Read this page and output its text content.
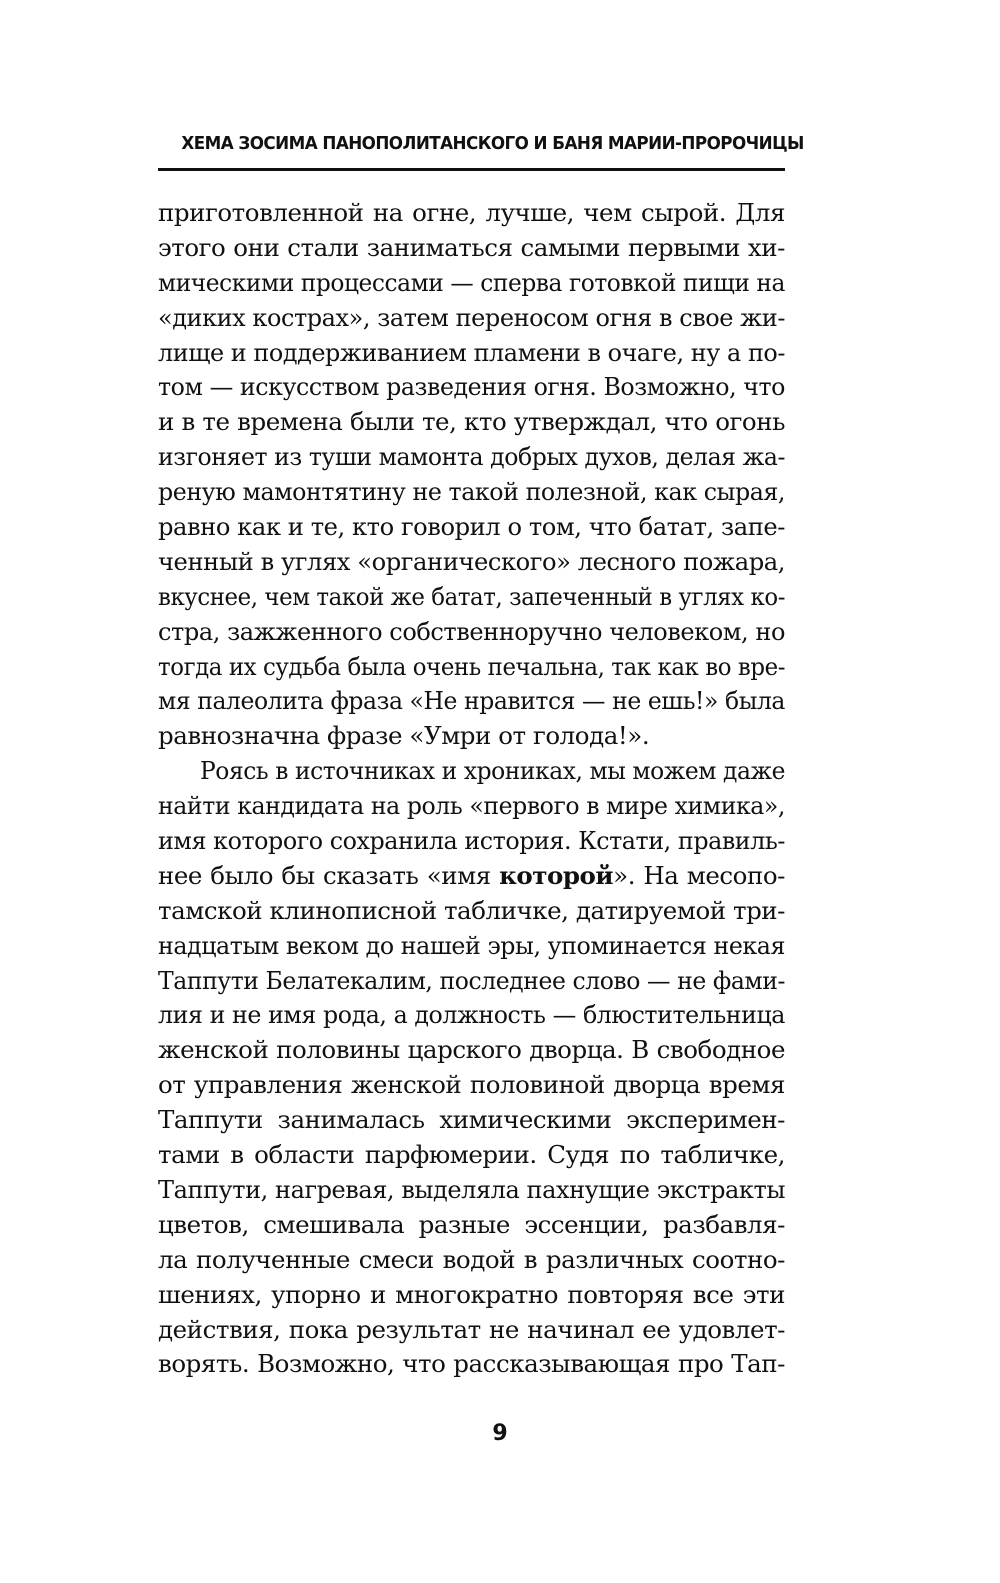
ХЕМА ЗОСИМА ПАНОПОЛИТАНСКОГО И БАНЯ МАРИИ-ПРОРОЧИЦЫ
приготовленной на огне, лучше, чем сырой. Для
этого они стали заниматься самыми первыми хи-
мическими процессами — сперва готовкой пищи на
«диких кострах», затем переносом огня в свое жи-
лище и поддерживанием пламени в очаге, ну а по-
том — искусством разведения огня. Возможно, что
и в те времена были те, кто утверждал, что огонь
изгоняет из туши мамонта добрых духов, делая жа-
реную мамонтятину не такой полезной, как сырая,
равно как и те, кто говорил о том, что батат, запе-
ченный в углях «органического» лесного пожара,
вкуснее, чем такой же батат, запеченный в углях ко-
стра, зажженного собственноручно человеком, но
тогда их судьба была очень печальна, так как во вре-
мя палеолита фраза «Не нравится — не ешь!» была
равнозначна фразе «Умри от голода!».
Роясь в источниках и хрониках, мы можем даже
найти кандидата на роль «первого в мире химика»,
имя которого сохранила история. Кстати, правиль-
нее было бы сказать «имя которой». На месопо-
тамской клинописной табличке, датируемой три-
надцатым веком до нашей эры, упоминается некая
Таппути Белатекалим, последнее слово — не фами-
лия и не имя рода, а должность — блюстительница
женской половины царского дворца. В свободное
от управления женской половиной дворца время
Таппути занималась химическими эксперимен-
тами в области парфюмерии. Судя по табличке,
Таппути, нагревая, выделяла пахнущие экстракты
цветов, смешивала разные эссенции, разбавля-
ла полученные смеси водой в различных соотно-
шениях, упорно и многократно повторяя все эти
действия, пока результат не начинал ее удовлет-
ворять. Возможно, что рассказывающая про Тап-
9
